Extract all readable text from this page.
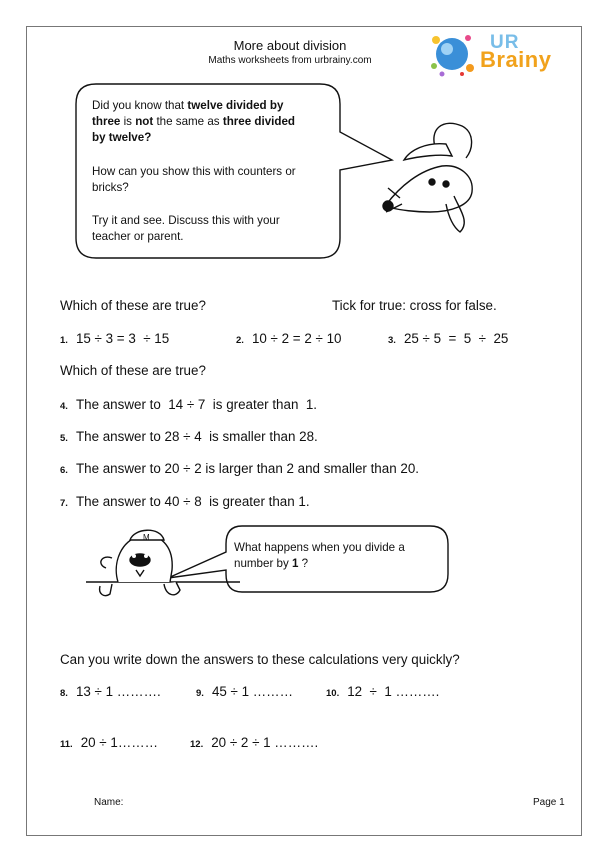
More about division
Maths worksheets from urbrainy.com
UR
Brainy
M
Did you know that twelve divided by
three is not the same as three divided
by twelve?
How can you show this with counters or
bricks?
Try it and see. Discuss this with your
teacher or parent.
Which of these are true?	Tick for true: cross for false.
1. 15 ÷ 3 = 3  ÷ 15	2. 10 ÷ 2 = 2 ÷ 10	3. 25 ÷ 5  =  5  ÷  25
Which of these are true?
4. The answer to  14 ÷ 7  is greater than  1.
5. The answer to 28 ÷ 4  is smaller than 28.
6. The answer to 20 ÷ 2 is larger than 2 and smaller than 20.
7. The answer to 40 ÷ 8  is greater than 1.
What happens when you divide a
number by 1 ?
Can you write down the answers to these calculations very quickly?
8. 13 ÷ 1 ……….	9. 45 ÷ 1 ………	10. 12  ÷  1 ……….
11. 20 ÷ 1………	12. 20 ÷ 2 ÷ 1 ……….
Name:	Page 1
